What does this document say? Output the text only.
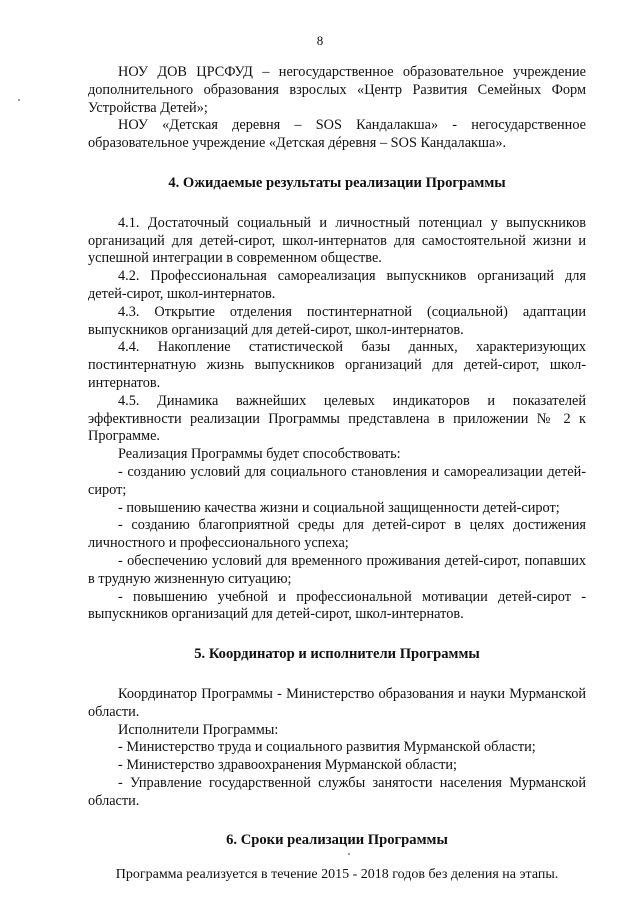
8

НОУ ДОВ ЦРСФУД – негосударственное образовательное учреждение дополнительного образования взрослых «Центр Развития Семейных Форм Устройства Детей»;

НОУ «Детская деревня – SOS Кандалакша» - негосударственное образовательное учреждение «Детская дéревня – SOS Кандалакша».

4. Ожидаемые результаты реализации Программы

4.1. Достаточный социальный и личностный потенциал у выпускников организаций для детей-сирот, школ-интернатов для самостоятельной жизни и успешной интеграции в современном обществе.

4.2. Профессиональная самореализация выпускников организаций для детей-сирот, школ-интернатов.

4.3. Открытие отделения постинтернатной (социальной) адаптации выпускников организаций для детей-сирот, школ-интернатов.

4.4. Накопление статистической базы данных, характеризующих постинтернатную жизнь выпускников организаций для детей-сирот, школ-интернатов.

4.5. Динамика важнейших целевых индикаторов и показателей эффективности реализации Программы представлена в приложении № 2 к Программе.

Реализация Программы будет способствовать:

- созданию условий для социального становления и самореализации детей-сирот;

- повышению качества жизни и социальной защищенности детей-сирот;

- созданию благоприятной среды для детей-сирот в целях достижения личностного и профессионального успеха;

- обеспечению условий для временного проживания детей-сирот, попавших в трудную жизненную ситуацию;

- повышению учебной и профессиональной мотивации детей-сирот - выпускников организаций для детей-сирот, школ-интернатов.

5. Координатор и исполнители Программы

Координатор Программы - Министерство образования и науки Мурманской области.

Исполнители Программы:

- Министерство труда и социального развития Мурманской области;

- Министерство здравоохранения Мурманской области;

- Управление государственной службы занятости населения Мурманской области.

6. Сроки реализации Программы

Программа реализуется в течение 2015 - 2018 годов без деления на этапы.
